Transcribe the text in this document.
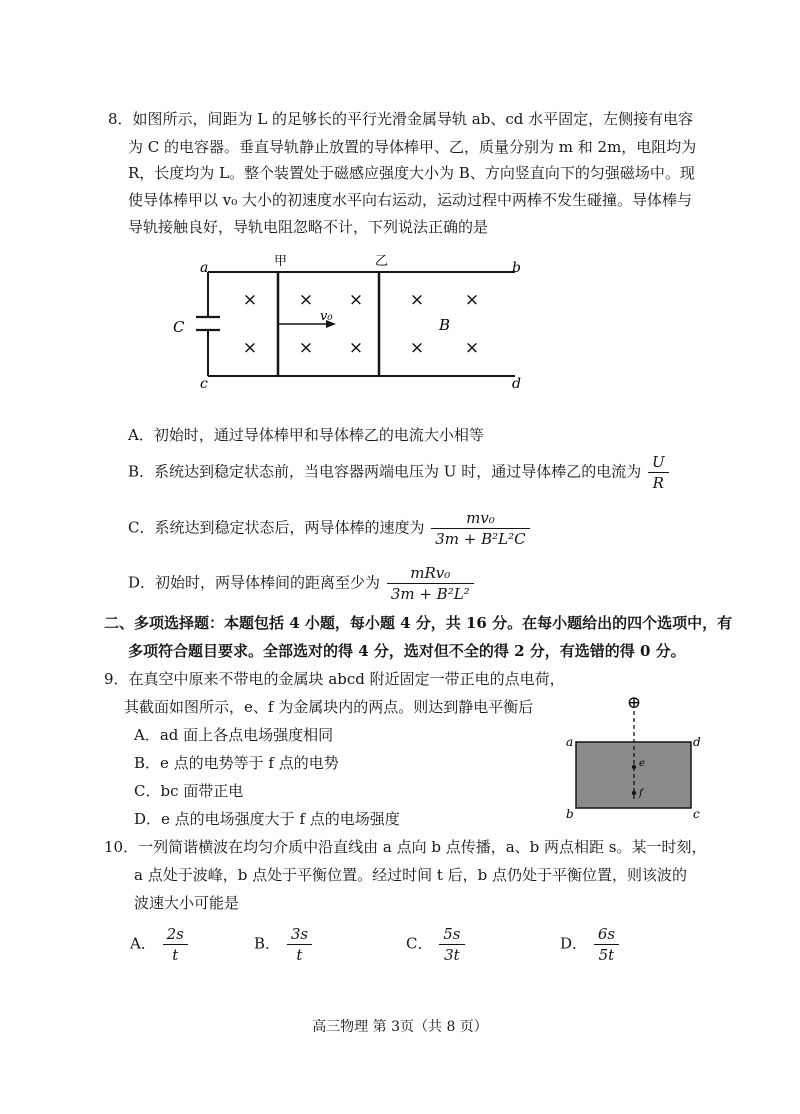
8．如图所示，间距为 L 的足够长的平行光滑金属导轨 ab、cd 水平固定，左侧接有电容
为 C 的电容器。垂直导轨静止放置的导体棒甲、乙，质量分别为 m 和 2m，电阻均为
R，长度均为 L。整个装置处于磁感应强度大小为 B、方向竖直向下的匀强磁场中。现
使导体棒甲以 v₀ 大小的初速度水平向右运动，运动过程中两棒不发生碰撞。导体棒与
导轨接触良好，导轨电阻忽略不计，下列说法正确的是
a	b
c	d
甲	乙
C	B
v₀
× × ×	× ×
× × ×	× ×
A．初始时，通过导体棒甲和导体棒乙的电流大小相等
B．系统达到稳定状态前，当电容器两端电压为 U 时，通过导体棒乙的电流为 $\frac{U}{R}$
C．系统达到稳定状态后，两导体棒的速度为 $\frac{\text{mv₀}}{\text{3m + B²L²C}}$
D．初始时，两导体棒间的距离至少为 $\frac{\text{mRv₀}}{\text{3m + B²L²}}$
二、多项选择题：本题包括 4 小题，每小题 4 分，共 16 分。在每小题给出的四个选项中，有
多项符合题目要求。全部选对的得 4 分，选对但不全的得 2 分，有选错的得 0 分。
9．在真空中原来不带电的金属块 abcd 附近固定一带正电的点电荷，
其截面如图所示，e、f 为金属块内的两点。则达到静电平衡后
A．ad 面上各点电场强度相同
B．e 点的电势等于 f 点的电势
C．bc 面带正电
D．e 点的电场强度大于 f 点的电场强度
⊕
a	d
b	c
e
f
10．一列简谐横波在均匀介质中沿直线由 a 点向 b 点传播，a、b 两点相距 s。某一时刻，
a 点处于波峰，b 点处于平衡位置。经过时间 t 后，b 点仍处于平衡位置，则该波的
波速大小可能是
A． $\frac{2s}{t}$	B． $\frac{3s}{t}$	C． $\frac{5s}{3t}$	D． $\frac{6s}{5t}$
高三物理 第 3页（共 8 页）
